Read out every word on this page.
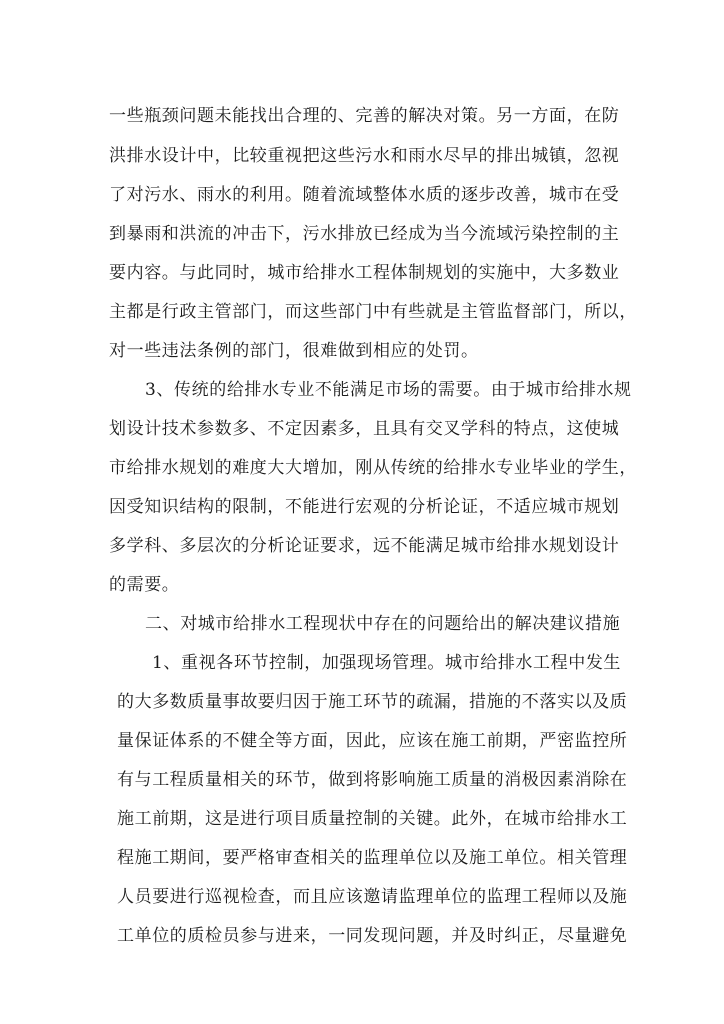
一些瓶颈问题未能找出合理的、完善的解决对策。另一方面，在防
洪排水设计中，比较重视把这些污水和雨水尽早的排出城镇，忽视
了对污水、雨水的利用。随着流域整体水质的逐步改善，城市在受
到暴雨和洪流的冲击下，污水排放已经成为当今流域污染控制的主
要内容。与此同时，城市给排水工程体制规划的实施中，大多数业
主都是行政主管部门，而这些部门中有些就是主管监督部门，所以，
对一些违法条例的部门，很难做到相应的处罚。
3、传统的给排水专业不能满足市场的需要。由于城市给排水规
划设计技术参数多、不定因素多，且具有交叉学科的特点，这使城
市给排水规划的难度大大增加，刚从传统的给排水专业毕业的学生，
因受知识结构的限制，不能进行宏观的分析论证，不适应城市规划
多学科、多层次的分析论证要求，远不能满足城市给排水规划设计
的需要。
二、对城市给排水工程现状中存在的问题给出的解决建议措施
1、重视各环节控制，加强现场管理。城市给排水工程中发生
的大多数质量事故要归因于施工环节的疏漏，措施的不落实以及质
量保证体系的不健全等方面，因此，应该在施工前期，严密监控所
有与工程质量相关的环节，做到将影响施工质量的消极因素消除在
施工前期，这是进行项目质量控制的关键。此外，在城市给排水工
程施工期间，要严格审查相关的监理单位以及施工单位。相关管理
人员要进行巡视检查，而且应该邀请监理单位的监理工程师以及施
工单位的质检员参与进来，一同发现问题，并及时纠正，尽量避免
